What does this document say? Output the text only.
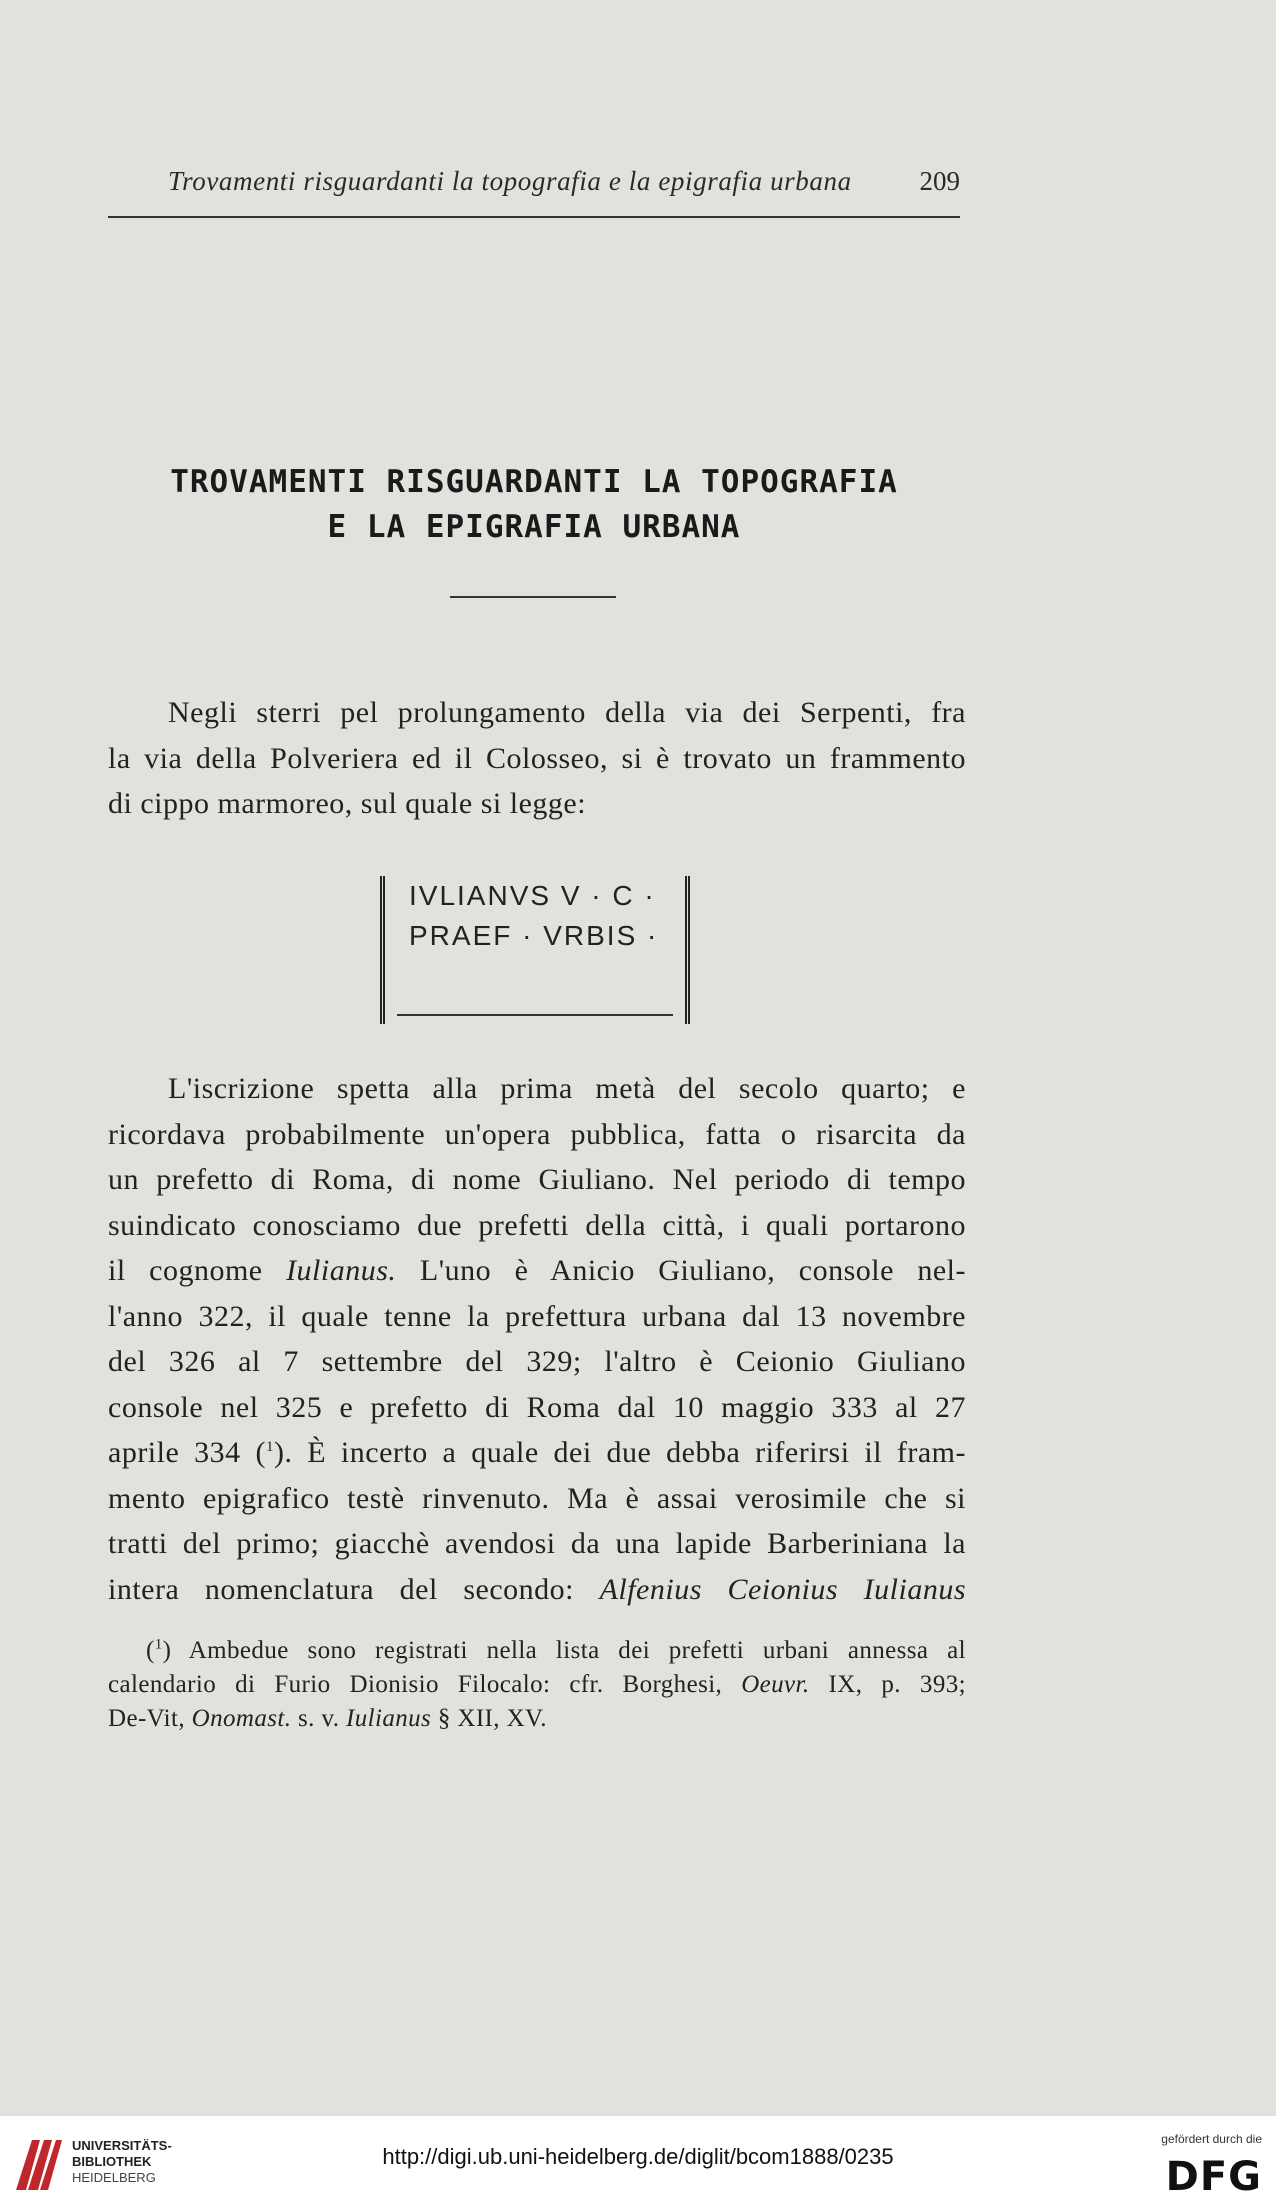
Trovamenti risguardanti la topografia e la epigrafia urbana	209
TROVAMENTI RISGUARDANTI LA TOPOGRAFIA
E LA EPIGRAFIA URBANA
Negli sterri pel prolungamento della via dei Serpenti, fra
la via della Polveriera ed il Colosseo, si è trovato un frammento
di cippo marmoreo, sul quale si legge:
IVLIANVS V · C ·
PRAEF · VRBIS ·
L'iscrizione spetta alla prima metà del secolo quarto; e
ricordava probabilmente un'opera pubblica, fatta o risarcita da
un prefetto di Roma, di nome Giuliano. Nel periodo di tempo
suindicato conosciamo due prefetti della città, i quali portarono
il cognome Iulianus. L'uno è Anicio Giuliano, console nel-
l'anno 322, il quale tenne la prefettura urbana dal 13 novembre
del 326 al 7 settembre del 329; l'altro è Ceionio Giuliano
console nel 325 e prefetto di Roma dal 10 maggio 333 al 27
aprile 334 ($^1$). È incerto a quale dei due debba riferirsi il fram-
mento epigrafico testè rinvenuto. Ma è assai verosimile che si
tratti del primo; giacchè avendosi da una lapide Barberiniana la
intera nomenclatura del secondo: Alfenius Ceionius Iulianus
($^1$) Ambedue sono registrati nella lista dei prefetti urbani annessa al
calendario di Furio Dionisio Filocalo: cfr. Borghesi, Oeuvr. IX, p. 393;
De-Vit, Onomast. s. v. Iulianus § XII, XV.
UNIVERSITÄTS-
BIBLIOTHEK
HEIDELBERG
http://digi.ub.uni-heidelberg.de/diglit/bcom1888/0235
gefördert durch die
DFG
